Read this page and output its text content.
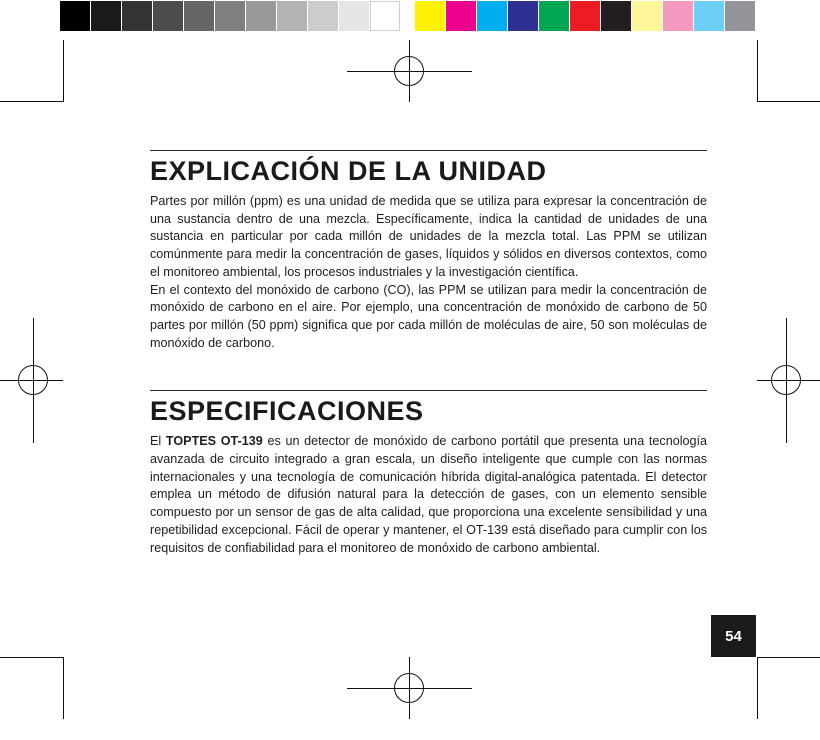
EXPLICACIÓN DE LA UNIDAD

Partes por millón (ppm) es una unidad de medida que se utiliza para expresar la concentración de una sustancia dentro de una mezcla. Específicamente, indica la cantidad de unidades de una sustancia en particular por cada millón de unidades de la mezcla total. Las PPM se utilizan comúnmente para medir la concentración de gases, líquidos y sólidos en diversos contextos, como el monitoreo ambiental, los procesos industriales y la investigación científica.

En el contexto del monóxido de carbono (CO), las PPM se utilizan para medir la concentración de monóxido de carbono en el aire. Por ejemplo, una concentración de monóxido de carbono de 50 partes por millón (50 ppm) significa que por cada millón de moléculas de aire, 50 son moléculas de monóxido de carbono.

ESPECIFICACIONES

El TOPTES OT-139 es un detector de monóxido de carbono portátil que presenta una tecnología avanzada de circuito integrado a gran escala, un diseño inteligente que cumple con las normas internacionales y una tecnología de comunicación híbrida digital-analógica patentada. El detector emplea un método de difusión natural para la detección de gases, con un elemento sensible compuesto por un sensor de gas de alta calidad, que proporciona una excelente sensibilidad y una repetibilidad excepcional. Fácil de operar y mantener, el OT-139 está diseñado para cumplir con los requisitos de confiabilidad para el monitoreo de monóxido de carbono ambiental.

54
